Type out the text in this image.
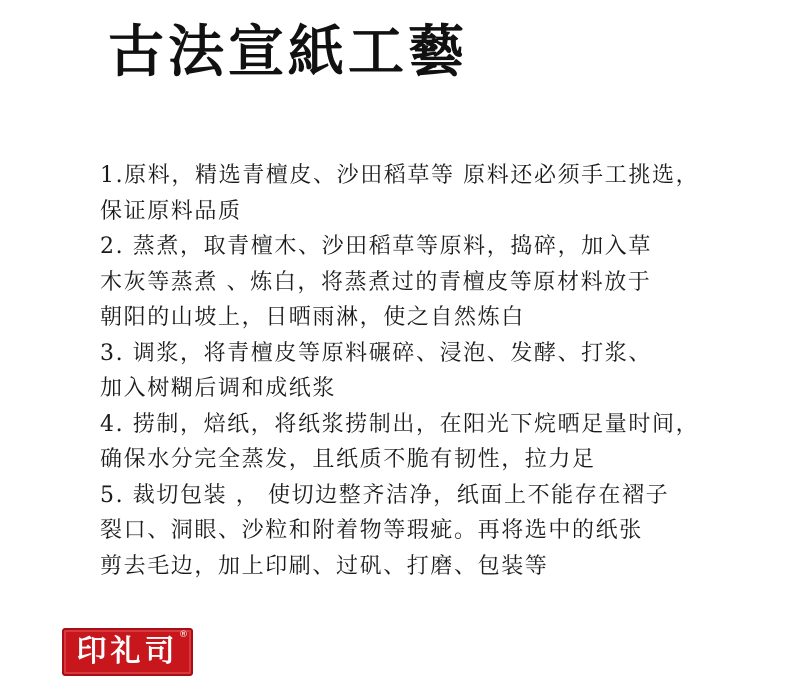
古法宣紙工藝
1.原料，精选青檀皮、沙田稻草等 原料还必须手工挑选，
保证原料品质
2. 蒸煮，取青檀木、沙田稻草等原料，捣碎，加入草
木灰等蒸煮 、炼白，将蒸煮过的青檀皮等原材料放于
朝阳的山坡上，日晒雨淋，使之自然炼白
3. 调浆，将青檀皮等原料碾碎、浸泡、发酵、打浆、
加入树糊后调和成纸浆
4. 捞制，焙纸，将纸浆捞制出，在阳光下烷晒足量时间，
确保水分完全蒸发，且纸质不脆有韧性，拉力足
5. 裁切包装 ， 使切边整齐洁净，纸面上不能存在褶子
裂口、洞眼、沙粒和附着物等瑕疵。再将选中的纸张
剪去毛边，加上印刷、过矾、打磨、包装等
印礼司 ®
